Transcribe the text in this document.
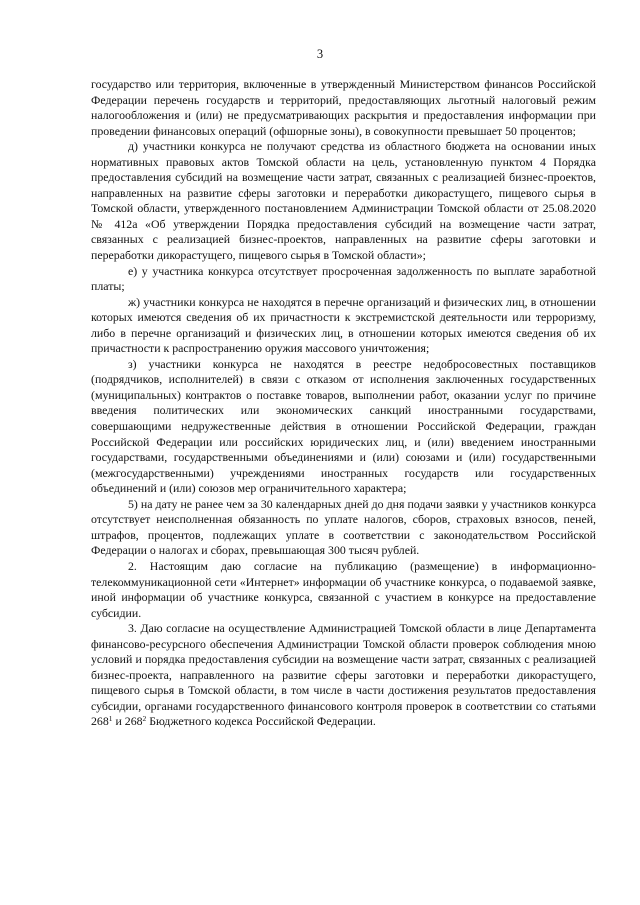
3

государство или территория, включенные в утвержденный Министерством финансов Российской Федерации перечень государств и территорий, предоставляющих льготный налоговый режим налогообложения и (или) не предусматривающих раскрытия и предоставления информации при проведении финансовых операций (офшорные зоны), в совокупности превышает 50 процентов;

д) участники конкурса не получают средства из областного бюджета на основании иных нормативных правовых актов Томской области на цель, установленную пунктом 4 Порядка предоставления субсидий на возмещение части затрат, связанных с реализацией бизнес-проектов, направленных на развитие сферы заготовки и переработки дикорастущего, пищевого сырья в Томской области, утвержденного постановлением Администрации Томской области от 25.08.2020 № 412а «Об утверждении Порядка предоставления субсидий на возмещение части затрат, связанных с реализацией бизнес-проектов, направленных на развитие сферы заготовки и переработки дикорастущего, пищевого сырья в Томской области»;

е) у участника конкурса отсутствует просроченная задолженность по выплате заработной платы;

ж) участники конкурса не находятся в перечне организаций и физических лиц, в отношении которых имеются сведения об их причастности к экстремистской деятельности или терроризму, либо в перечне организаций и физических лиц, в отношении которых имеются сведения об их причастности к распространению оружия массового уничтожения;

з) участники конкурса не находятся в реестре недобросовестных поставщиков (подрядчиков, исполнителей) в связи с отказом от исполнения заключенных государственных (муниципальных) контрактов о поставке товаров, выполнении работ, оказании услуг по причине введения политических или экономических санкций иностранными государствами, совершающими недружественные действия в отношении Российской Федерации, граждан Российской Федерации или российских юридических лиц, и (или) введением иностранными государствами, государственными объединениями и (или) союзами и (или) государственными (межгосударственными) учреждениями иностранных государств или государственных объединений и (или) союзов мер ограничительного характера;

5) на дату не ранее чем за 30 календарных дней до дня подачи заявки у участников конкурса отсутствует неисполненная обязанность по уплате налогов, сборов, страховых взносов, пеней, штрафов, процентов, подлежащих уплате в соответствии с законодательством Российской Федерации о налогах и сборах, превышающая 300 тысяч рублей.

2. Настоящим даю согласие на публикацию (размещение) в информационно-телекоммуникационной сети «Интернет» информации об участнике конкурса, о подаваемой заявке, иной информации об участнике конкурса, связанной с участием в конкурсе на предоставление субсидии.

3. Даю согласие на осуществление Администрацией Томской области в лице Департамента финансово-ресурсного обеспечения Администрации Томской области проверок соблюдения мною условий и порядка предоставления субсидии на возмещение части затрат, связанных с реализацией бизнес-проекта, направленного на развитие сферы заготовки и переработки дикорастущего, пищевого сырья в Томской области, в том числе в части достижения результатов предоставления субсидии, органами государственного финансового контроля проверок в соответствии со статьями $268^1$ и $268^2$ Бюджетного кодекса Российской Федерации.
